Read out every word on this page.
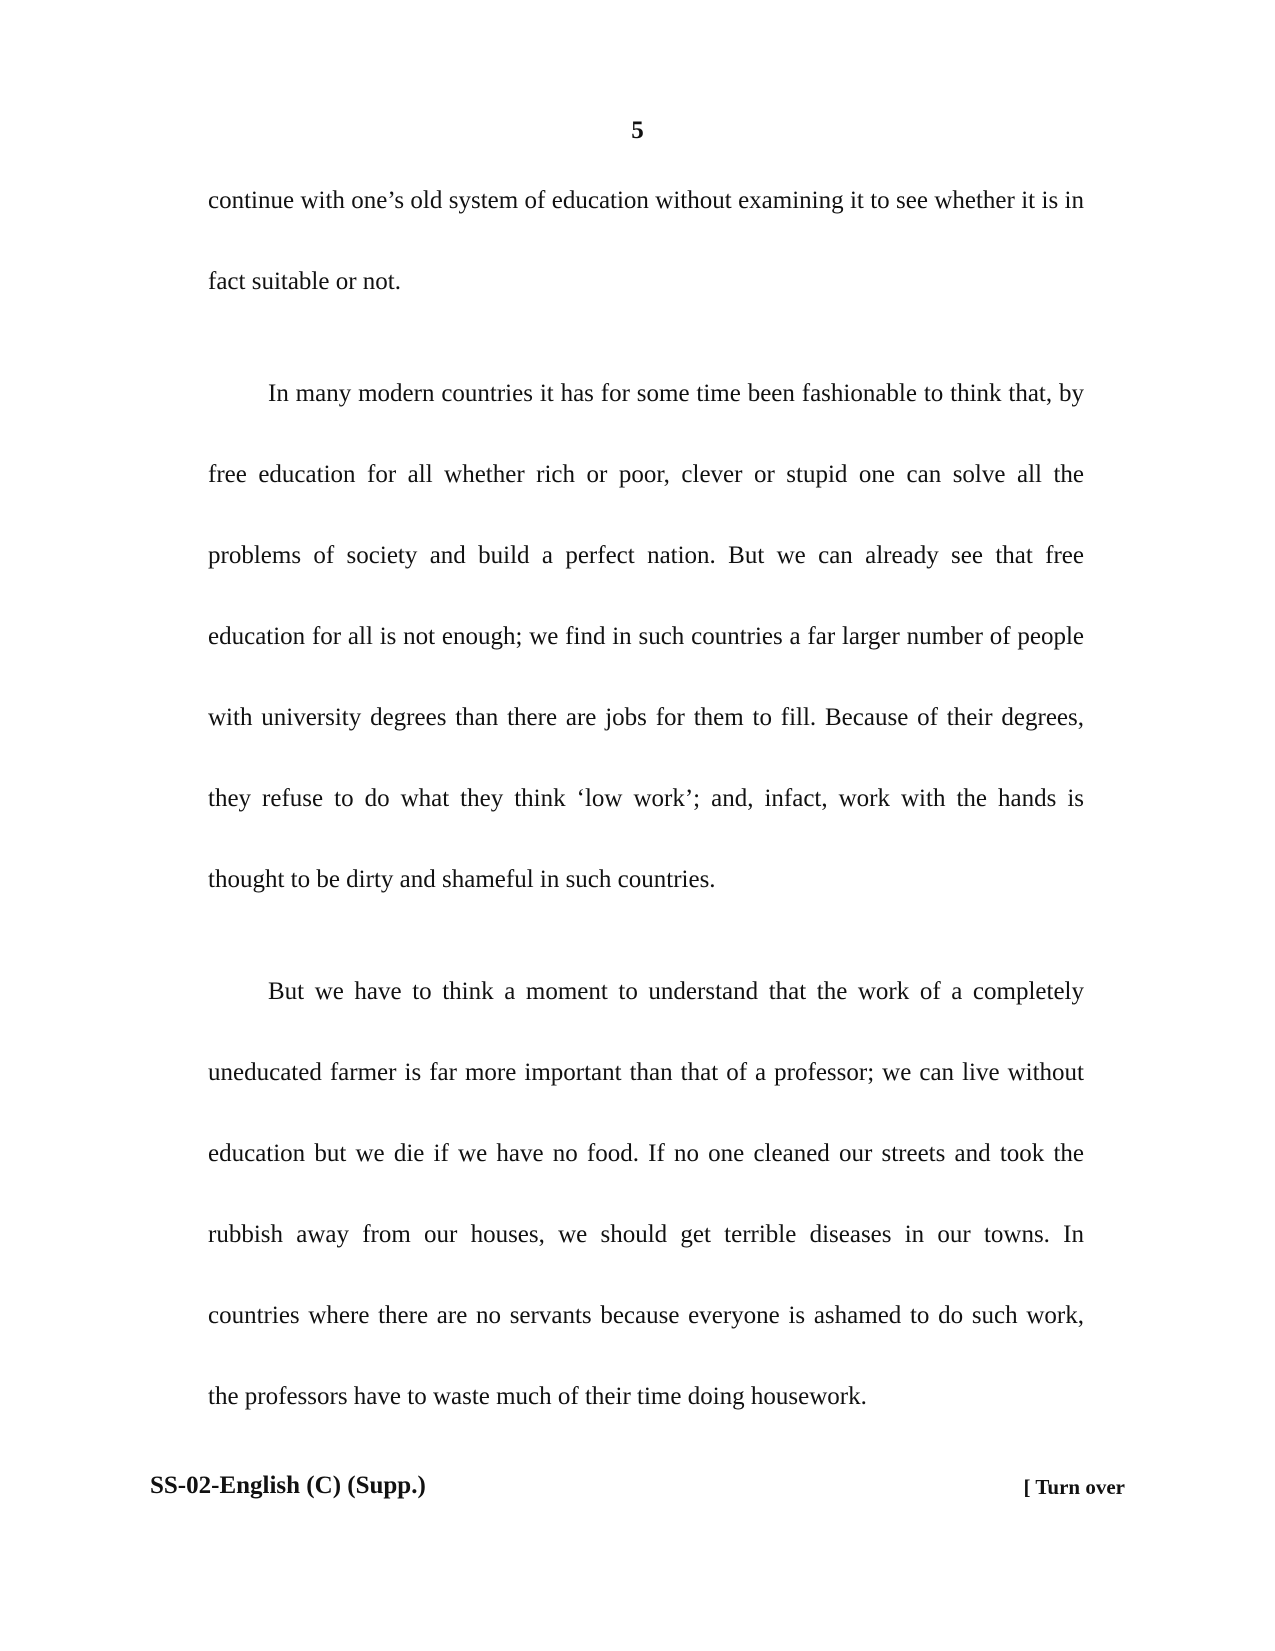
5

continue with one’s old system of education without examining it to see whether it is in fact suitable or not.

In many modern countries it has for some time been fashionable to think that, by free education for all whether rich or poor, clever or stupid one can solve all the problems of society and build a perfect nation. But we can already see that free education for all is not enough; we find in such countries a far larger number of people with university degrees than there are jobs for them to fill. Because of their degrees, they refuse to do what they think ‘low work’; and, infact, work with the hands is thought to be dirty and shameful in such countries.

But we have to think a moment to understand that the work of a completely uneducated farmer is far more important than that of a professor; we can live without education but we die if we have no food. If no one cleaned our streets and took the rubbish away from our houses, we should get terrible diseases in our towns. In countries where there are no servants because everyone is ashamed to do such work, the professors have to waste much of their time doing housework.

SS-02-English (C) (Supp.)	[ Turn over
